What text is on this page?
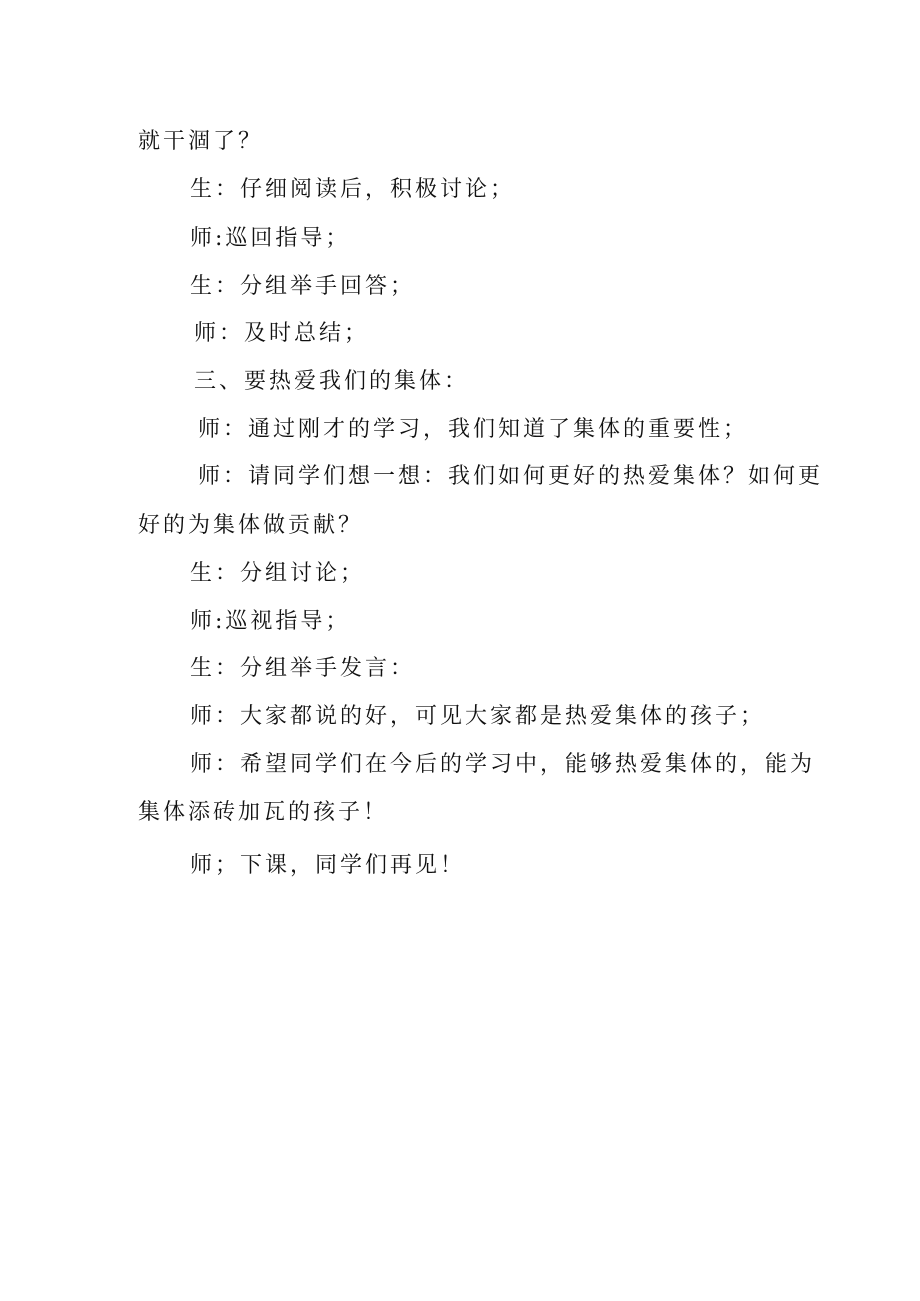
就干涸了？
生：仔细阅读后，积极讨论；
师:巡回指导；
生：分组举手回答；
师：及时总结；
三、要热爱我们的集体：
师：通过刚才的学习，我们知道了集体的重要性；
师：请同学们想一想：我们如何更好的热爱集体？如何更
好的为集体做贡献？
生：分组讨论；
师:巡视指导；
生：分组举手发言：
师：大家都说的好，可见大家都是热爱集体的孩子；
师：希望同学们在今后的学习中，能够热爱集体的，能为
集体添砖加瓦的孩子！
师；下课，同学们再见！
